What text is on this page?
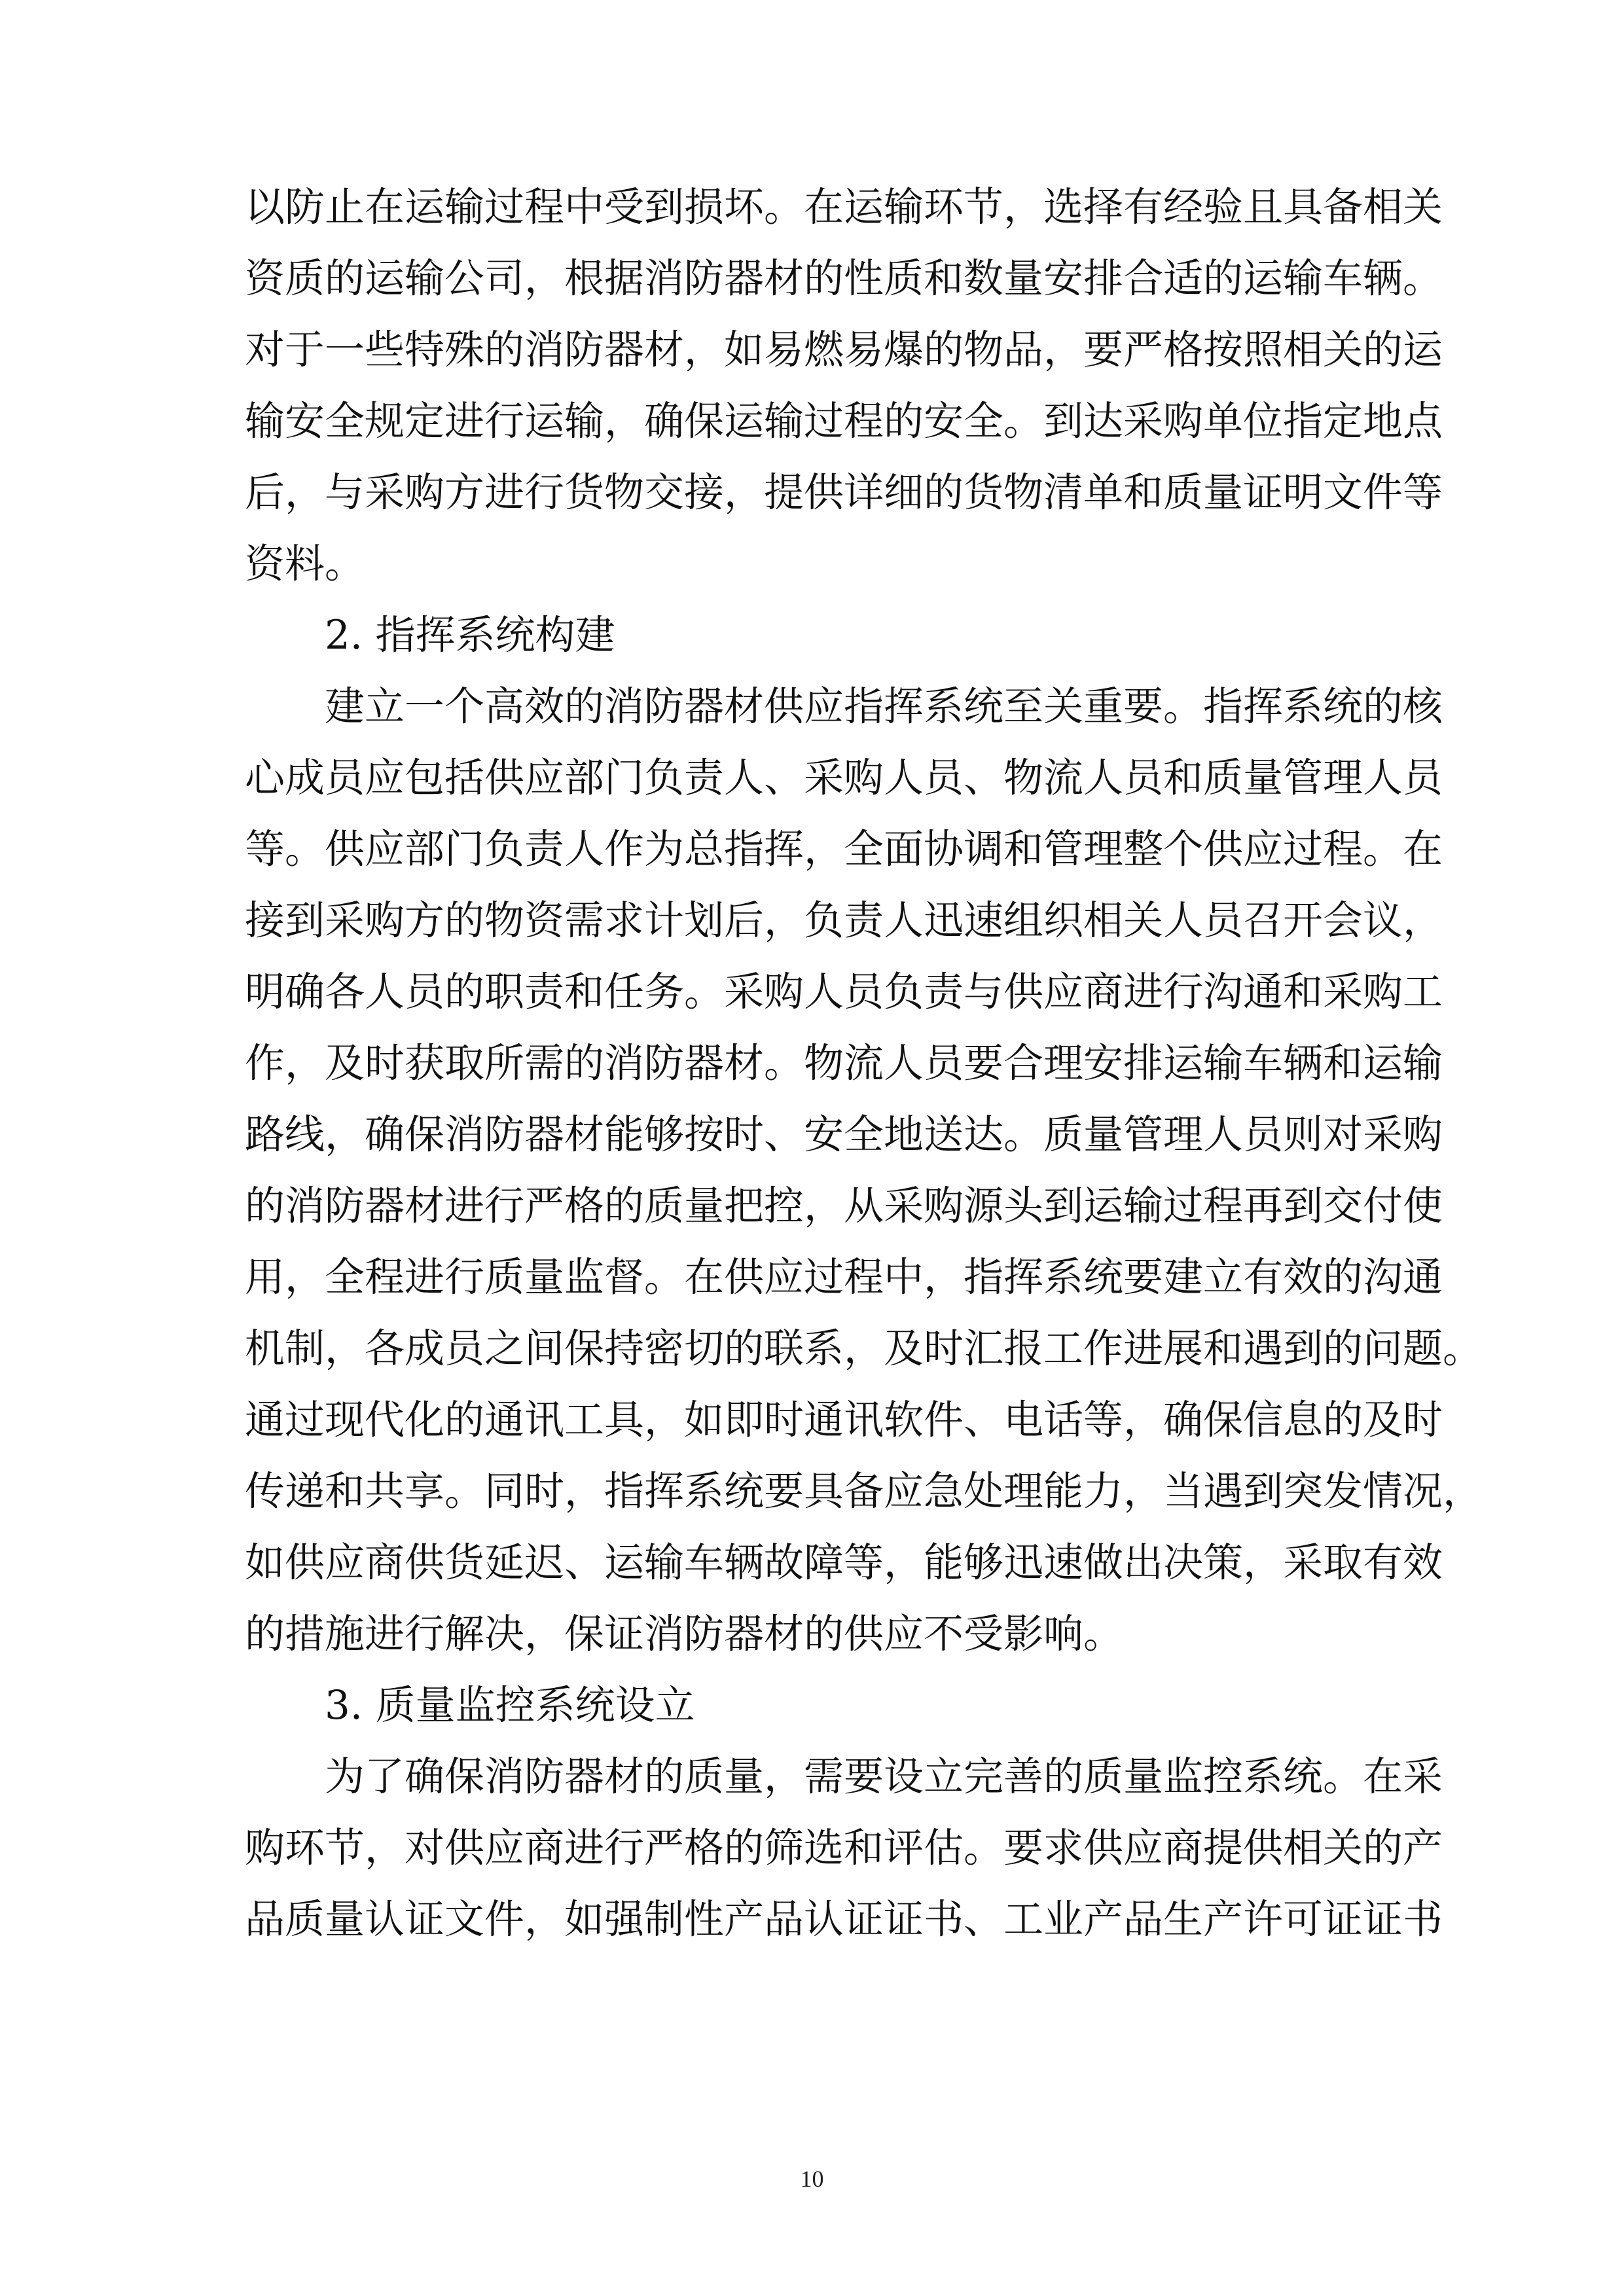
以防止在运输过程中受到损坏。在运输环节，选择有经验且具备相关
资质的运输公司，根据消防器材的性质和数量安排合适的运输车辆。
对于一些特殊的消防器材，如易燃易爆的物品，要严格按照相关的运
输安全规定进行运输，确保运输过程的安全。到达采购单位指定地点
后，与采购方进行货物交接，提供详细的货物清单和质量证明文件等
资料。
2. 指挥系统构建
建立一个高效的消防器材供应指挥系统至关重要。指挥系统的核
心成员应包括供应部门负责人、采购人员、物流人员和质量管理人员
等。供应部门负责人作为总指挥，全面协调和管理整个供应过程。在
接到采购方的物资需求计划后，负责人迅速组织相关人员召开会议，
明确各人员的职责和任务。采购人员负责与供应商进行沟通和采购工
作，及时获取所需的消防器材。物流人员要合理安排运输车辆和运输
路线，确保消防器材能够按时、安全地送达。质量管理人员则对采购
的消防器材进行严格的质量把控，从采购源头到运输过程再到交付使
用，全程进行质量监督。在供应过程中，指挥系统要建立有效的沟通
机制，各成员之间保持密切的联系，及时汇报工作进展和遇到的问题。
通过现代化的通讯工具，如即时通讯软件、电话等，确保信息的及时
传递和共享。同时，指挥系统要具备应急处理能力，当遇到突发情况，
如供应商供货延迟、运输车辆故障等，能够迅速做出决策，采取有效
的措施进行解决，保证消防器材的供应不受影响。
3. 质量监控系统设立
为了确保消防器材的质量，需要设立完善的质量监控系统。在采
购环节，对供应商进行严格的筛选和评估。要求供应商提供相关的产
品质量认证文件，如强制性产品认证证书、工业产品生产许可证证书
10
